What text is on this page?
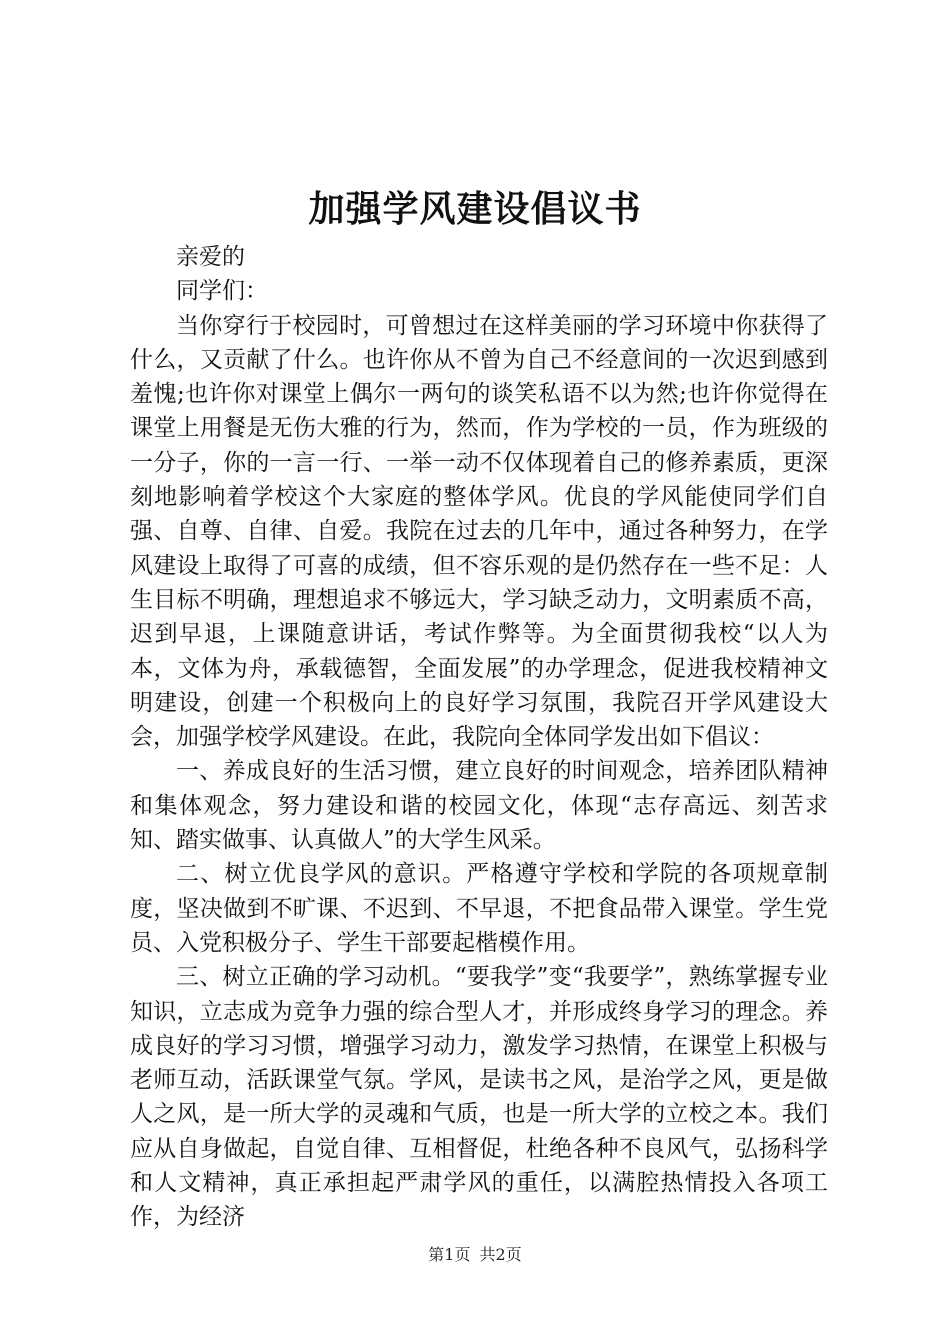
加强学风建设倡议书

亲爱的

同学们：

当你穿行于校园时，可曾想过在这样美丽的学习环境中你获得了什么，又贡献了什么。也许你从不曾为自己不经意间的一次迟到感到羞愧;也许你对课堂上偶尔一两句的谈笑私语不以为然;也许你觉得在课堂上用餐是无伤大雅的行为，然而，作为学校的一员，作为班级的一分子，你的一言一行、一举一动不仅体现着自己的修养素质，更深刻地影响着学校这个大家庭的整体学风。优良的学风能使同学们自强、自尊、自律、自爱。我院在过去的几年中，通过各种努力，在学风建设上取得了可喜的成绩，但不容乐观的是仍然存在一些不足：人生目标不明确，理想追求不够远大，学习缺乏动力，文明素质不高，迟到早退，上课随意讲话，考试作弊等。为全面贯彻我校“以人为本，文体为舟，承载德智，全面发展”的办学理念，促进我校精神文明建设，创建一个积极向上的良好学习氛围，我院召开学风建设大会，加强学校学风建设。在此，我院向全体同学发出如下倡议：

一、养成良好的生活习惯，建立良好的时间观念，培养团队精神和集体观念，努力建设和谐的校园文化，体现“志存高远、刻苦求知、踏实做事、认真做人”的大学生风采。

二、树立优良学风的意识。严格遵守学校和学院的各项规章制度，坚决做到不旷课、不迟到、不早退，不把食品带入课堂。学生党员、入党积极分子、学生干部要起楷模作用。

三、树立正确的学习动机。“要我学”变“我要学”，熟练掌握专业知识，立志成为竞争力强的综合型人才，并形成终身学习的理念。养成良好的学习习惯，增强学习动力，激发学习热情，在课堂上积极与老师互动，活跃课堂气氛。学风，是读书之风，是治学之风，更是做人之风，是一所大学的灵魂和气质，也是一所大学的立校之本。我们应从自身做起，自觉自律、互相督促，杜绝各种不良风气，弘扬科学和人文精神，真正承担起严肃学风的重任，以满腔热情投入各项工作，为经济

第1页 共2页
